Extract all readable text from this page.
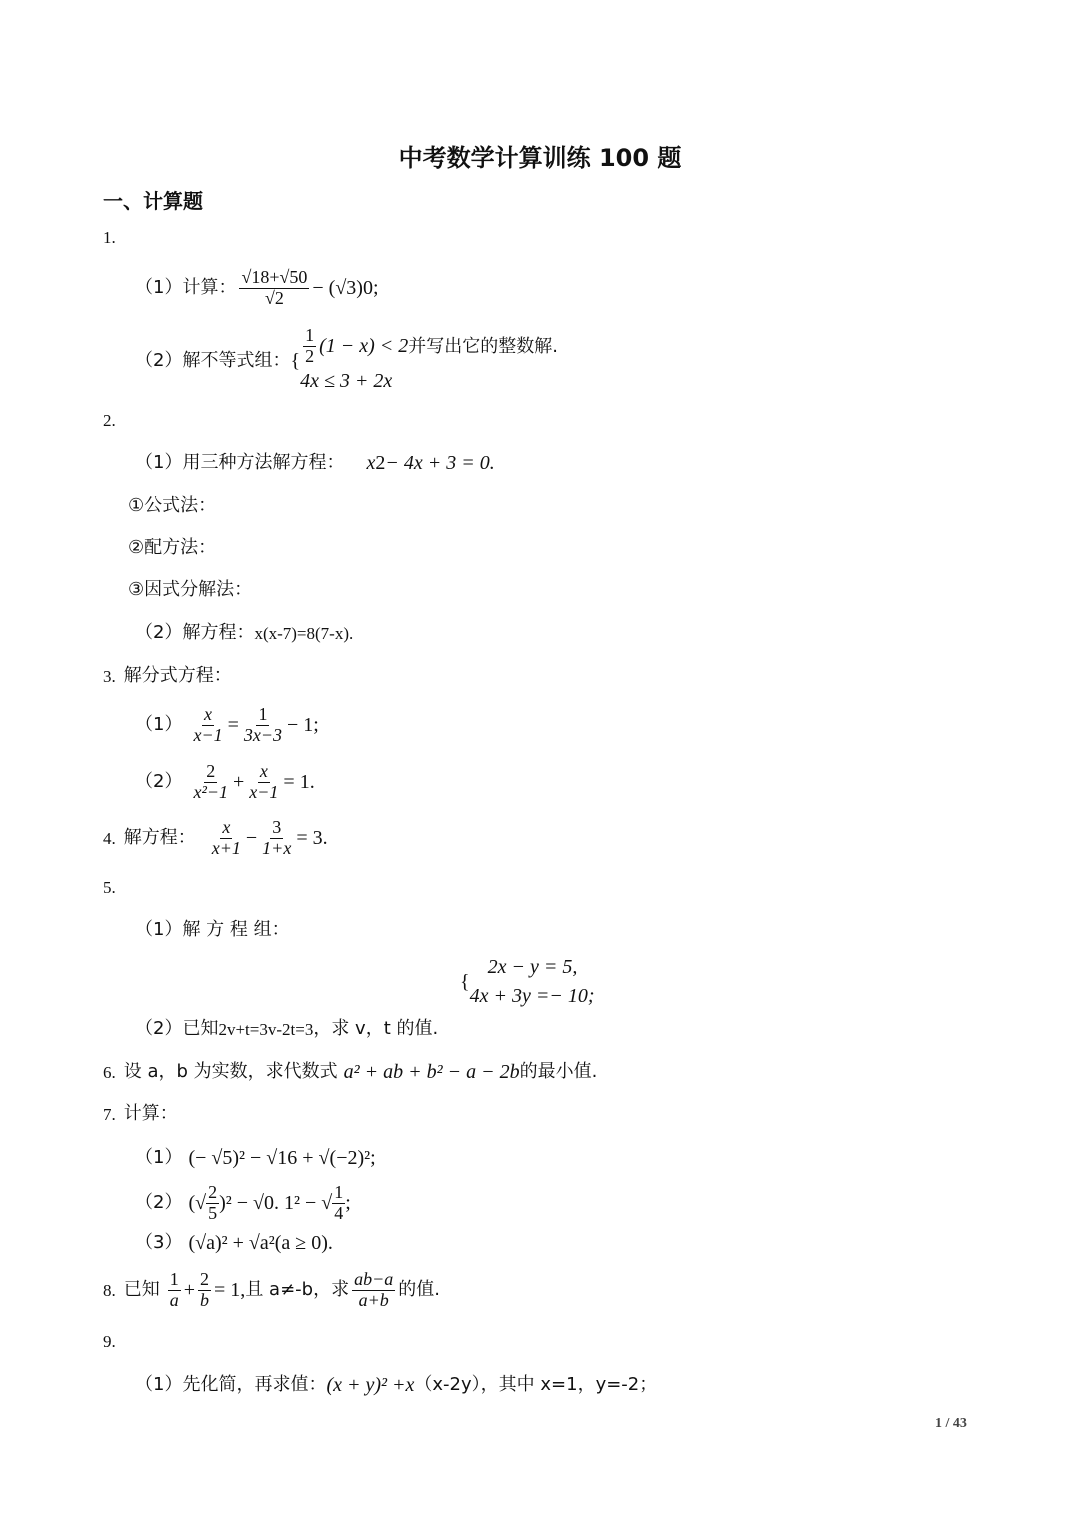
中考数学计算训练 100 题
一、计算题
1.
（1）计算： $\frac{√18+√50}{√2} - (√3)$ 0 ;
（2）解不等式组： { $\frac{1}{2} (1 - x) < 2$
4x ≤ 3 + 2x
并写出它的整数解.
2.
（1）用三种方法解方程： x 2 − 4x + 3 = 0.
①公式法：
②配方法：
③因式分解法：
（2）解方程： x(x-7)=8(7-x).
3. 解分式方程：
$(1) \frac{x}{x-1} = \frac{1}{3x-3} - 1$;
$(2) \frac{2}{\text{x²−1}} + \frac{x}{x-1} = 1$.
4. 解方程： $\frac{x}{x+1} - \frac{3}{1+x} = 3$.
5.
（1）解 方 程 组：
{
2x − y = 5,
4x + 3y =− 10;
（2）已知 2v+t=3v-2t=3 ，求 v，t 的值.
6. 设 a，b 为实数，求代数式 a² + ab + b² − a − 2b 的最小值.
7. 计算：
（1） (− √5)² − √16 + √(−2)²;
（2） (√ $\frac{2}{5} )^2 - √0$. 1² − √ $\frac{1}{4}$ ;
（3） (√a)² + √a²(a ≥ 0).
8. 已知 $\frac{1}{a} + \frac{2}{b} = 1$, 且 a≠-b，求 $\frac{ab-a}{a+b}$ 的值.
9.
（1）先化简，再求值： (x + y)² +x （x-2y），其中 x=1，y=-2；
1 / 43
